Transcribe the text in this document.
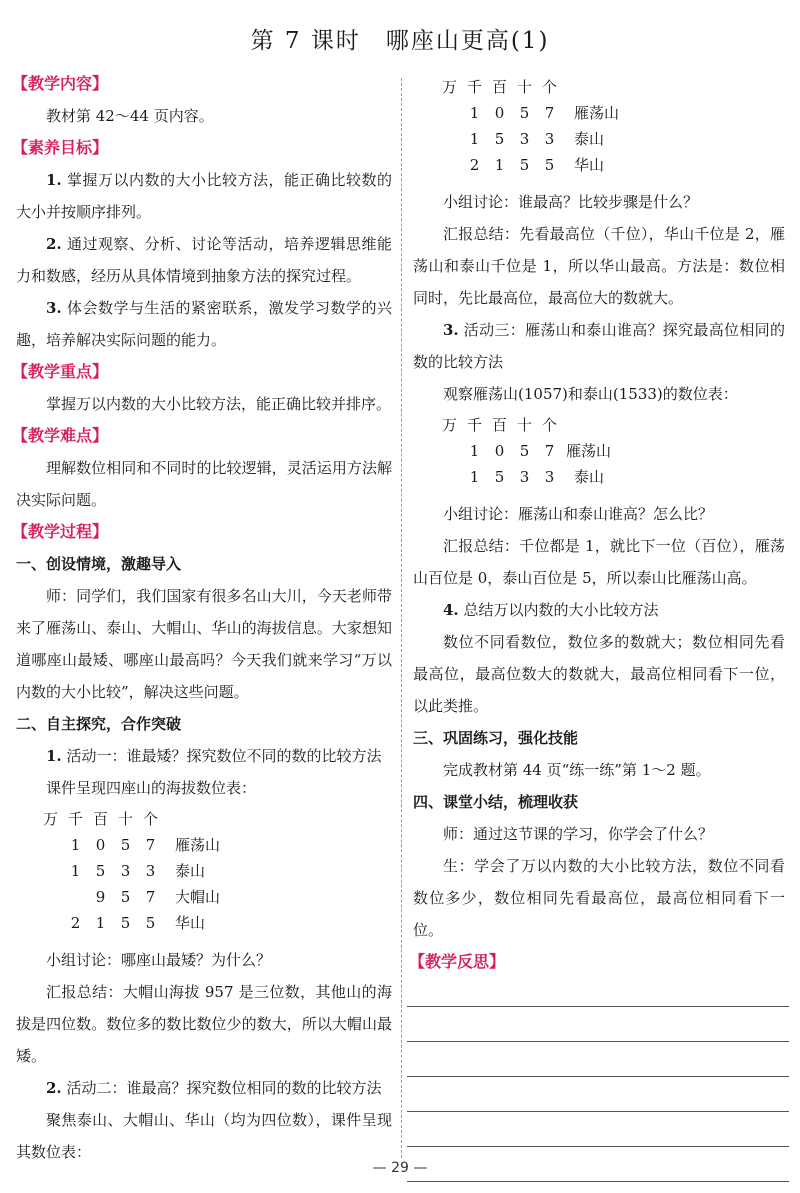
第 7 课时　哪座山更高(1)
【教学内容】
教材第 42～44 页内容。
【素养目标】
1. 掌握万以内数的大小比较方法，能正确比较数的大小并按顺序排列。
2. 通过观察、分析、讨论等活动，培养逻辑思维能力和数感，经历从具体情境到抽象方法的探究过程。
3. 体会数学与生活的紧密联系，激发学习数学的兴趣，培养解决实际问题的能力。
【教学重点】
掌握万以内数的大小比较方法，能正确比较并排序。
【教学难点】
理解数位相同和不同时的比较逻辑，灵活运用方法解决实际问题。
【教学过程】
一、创设情境，激趣导入
师：同学们，我们国家有很多名山大川，今天老师带来了雁荡山、泰山、大帽山、华山的海拔信息。大家想知道哪座山最矮、哪座山最高吗？今天我们就来学习“万以内数的大小比较”，解决这些问题。
二、自主探究，合作突破
1. 活动一：谁最矮？探究数位不同的数的比较方法
课件呈现四座山的海拔数位表：
万 千 百 十 个
1 0 5 7 雁荡山
1 5 3 3 泰山
9 5 7 大帽山
2 1 5 5 华山
小组讨论：哪座山最矮？为什么？
汇报总结：大帽山海拔 957 是三位数，其他山的海拔是四位数。数位多的数比数位少的数大，所以大帽山最矮。
2. 活动二：谁最高？探究数位相同的数的比较方法
聚焦泰山、大帽山、华山（均为四位数），课件呈现其数位表：
万 千 百 十 个
1 0 5 7 雁荡山
1 5 3 3 泰山
2 1 5 5 华山
小组讨论：谁最高？比较步骤是什么？
汇报总结：先看最高位（千位），华山千位是 2，雁荡山和泰山千位是 1，所以华山最高。方法是：数位相同时，先比最高位，最高位大的数就大。
3. 活动三：雁荡山和泰山谁高？探究最高位相同的数的比较方法
观察雁荡山(1057)和泰山(1533)的数位表：
万 千 百 十 个
1 0 5 7 雁荡山
1 5 3 3 泰山
小组讨论：雁荡山和泰山谁高？怎么比？
汇报总结：千位都是 1，就比下一位（百位），雁荡山百位是 0，泰山百位是 5，所以泰山比雁荡山高。
4. 总结万以内数的大小比较方法
数位不同看数位，数位多的数就大；数位相同先看最高位，最高位数大的数就大，最高位相同看下一位，以此类推。
三、巩固练习，强化技能
完成教材第 44 页“练一练”第 1～2 题。
四、课堂小结，梳理收获
师：通过这节课的学习，你学会了什么？
生：学会了万以内数的大小比较方法，数位不同看数位多少，数位相同先看最高位，最高位相同看下一位。
【教学反思】
— 29 —
